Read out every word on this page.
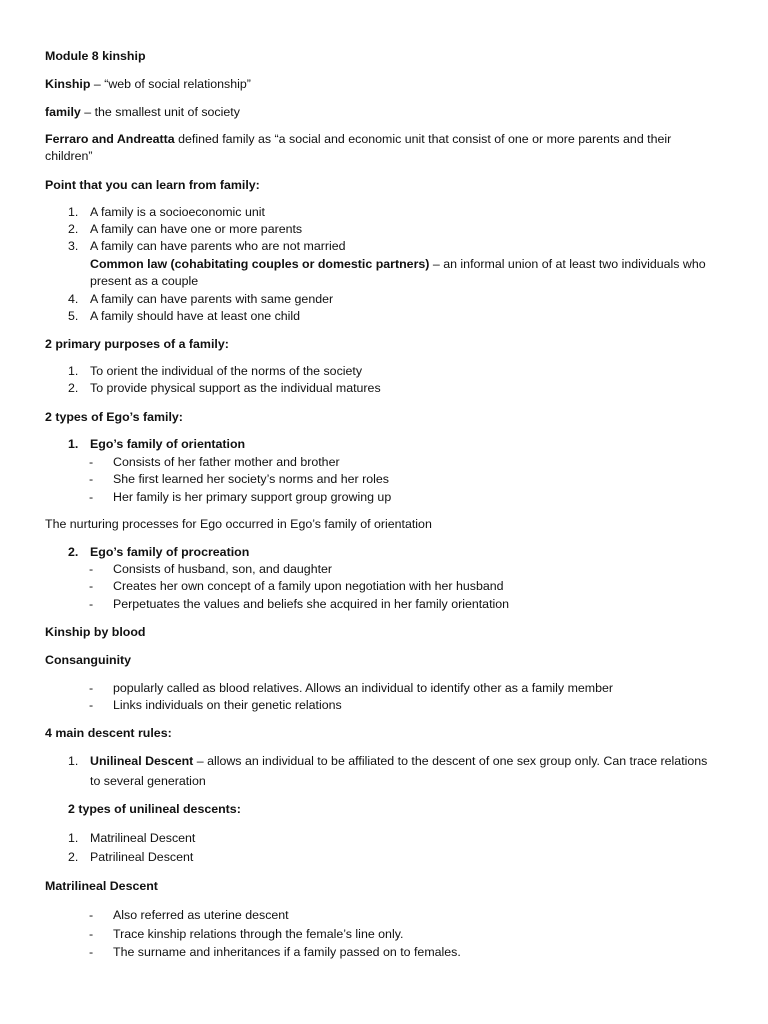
Module 8 kinship
Kinship – “web of social relationship”
family – the smallest unit of society
Ferraro and Andreatta defined family as “a social and economic unit that consist of one or more parents and their
children”
Point that you can learn from family:
1. A family is a socioeconomic unit
2. A family can have one or more parents
3. A family can have parents who are not married
Common law (cohabitating couples or domestic partners) – an informal union of at least two individuals who
present as a couple
4. A family can have parents with same gender
5. A family should have at least one child
2 primary purposes of a family:
1. To orient the individual of the norms of the society
2. To provide physical support as the individual matures
2 types of Ego’s family:
1. Ego’s family of orientation
- Consists of her father mother and brother
- She first learned her society’s norms and her roles
- Her family is her primary support group growing up
The nurturing processes for Ego occurred in Ego’s family of orientation
2. Ego’s family of procreation
- Consists of husband, son, and daughter
- Creates her own concept of a family upon negotiation with her husband
- Perpetuates the values and beliefs she acquired in her family orientation
Kinship by blood
Consanguinity
- popularly called as blood relatives. Allows an individual to identify other as a family member
- Links individuals on their genetic relations
4 main descent rules:
1. Unilineal Descent – allows an individual to be affiliated to the descent of one sex group only. Can trace relations
to several generation
2 types of unilineal descents:
1. Matrilineal Descent
2. Patrilineal Descent
Matrilineal Descent
- Also referred as uterine descent
- Trace kinship relations through the female’s line only.
- The surname and inheritances if a family passed on to females.
